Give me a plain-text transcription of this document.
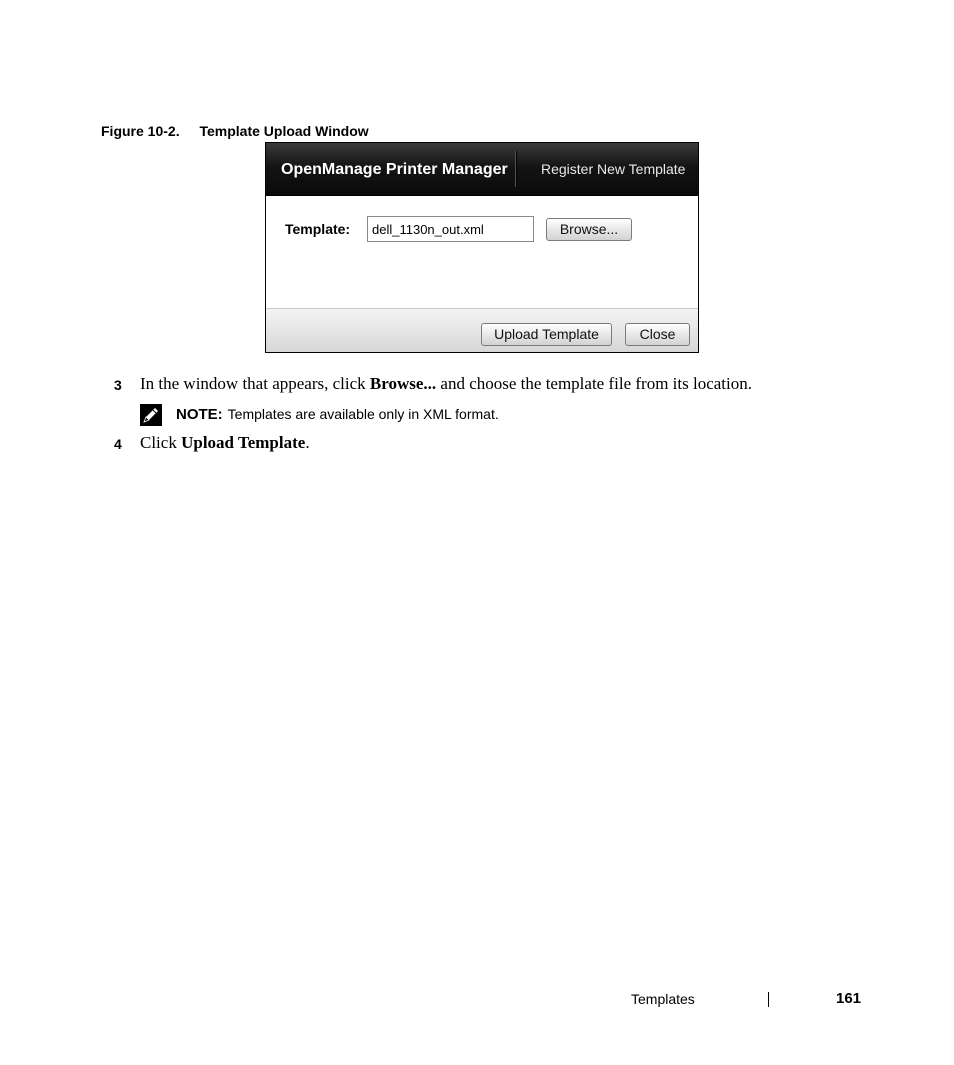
Figure 10-2. Template Upload Window
OpenManage Printer Manager Register New Template
Template:
dell_1130n_out.xml	Browse...
Upload Template	Close
3 In the window that appears, click Browse... and choose the template file from its location.
NOTE: Templates are available only in XML format.
4 Click Upload Template.
Templates	161
